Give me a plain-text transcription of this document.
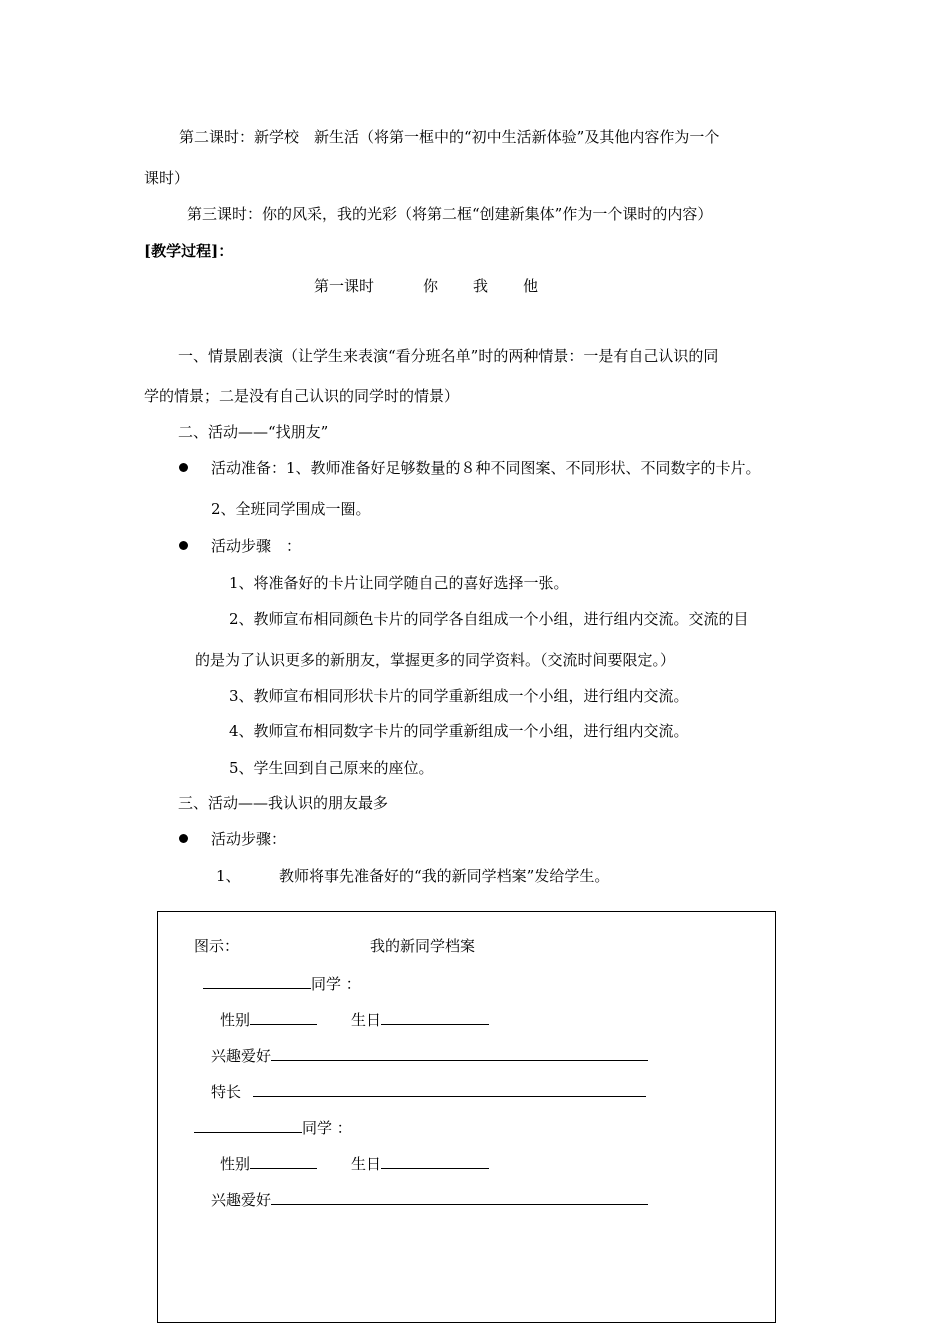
第二课时：新学校　新生活（将第一框中的“初中生活新体验”及其他内容作为一个
课时）
第三课时：你的风采，我的光彩（将第二框“创建新集体”作为一个课时的内容）
[教学过程]：
第一课时	你 我 他
一、情景剧表演（让学生来表演“看分班名单”时的两种情景：一是有自己认识的同
学的情景；二是没有自己认识的同学时的情景）
二、活动——“找朋友”
活动准备：1、教师准备好足够数量的８种不同图案、不同形状、不同数字的卡片。
2、全班同学围成一圈。
活动步骤　：
1、将准备好的卡片让同学随自己的喜好选择一张。
2、教师宣布相同颜色卡片的同学各自组成一个小组，进行组内交流。交流的目
的是为了认识更多的新朋友，掌握更多的同学资料。（交流时间要限定。）
3、教师宣布相同形状卡片的同学重新组成一个小组，进行组内交流。
4、教师宣布相同数字卡片的同学重新组成一个小组，进行组内交流。
5、学生回到自己原来的座位。
三、活动——我认识的朋友最多
活动步骤：
1、	教师将事先准备好的“我的新同学档案”发给学生。
图示：	我的新同学档案
同学 ：
性别	生日
兴趣爱好
特长
同学 ：
性别	生日
兴趣爱好
